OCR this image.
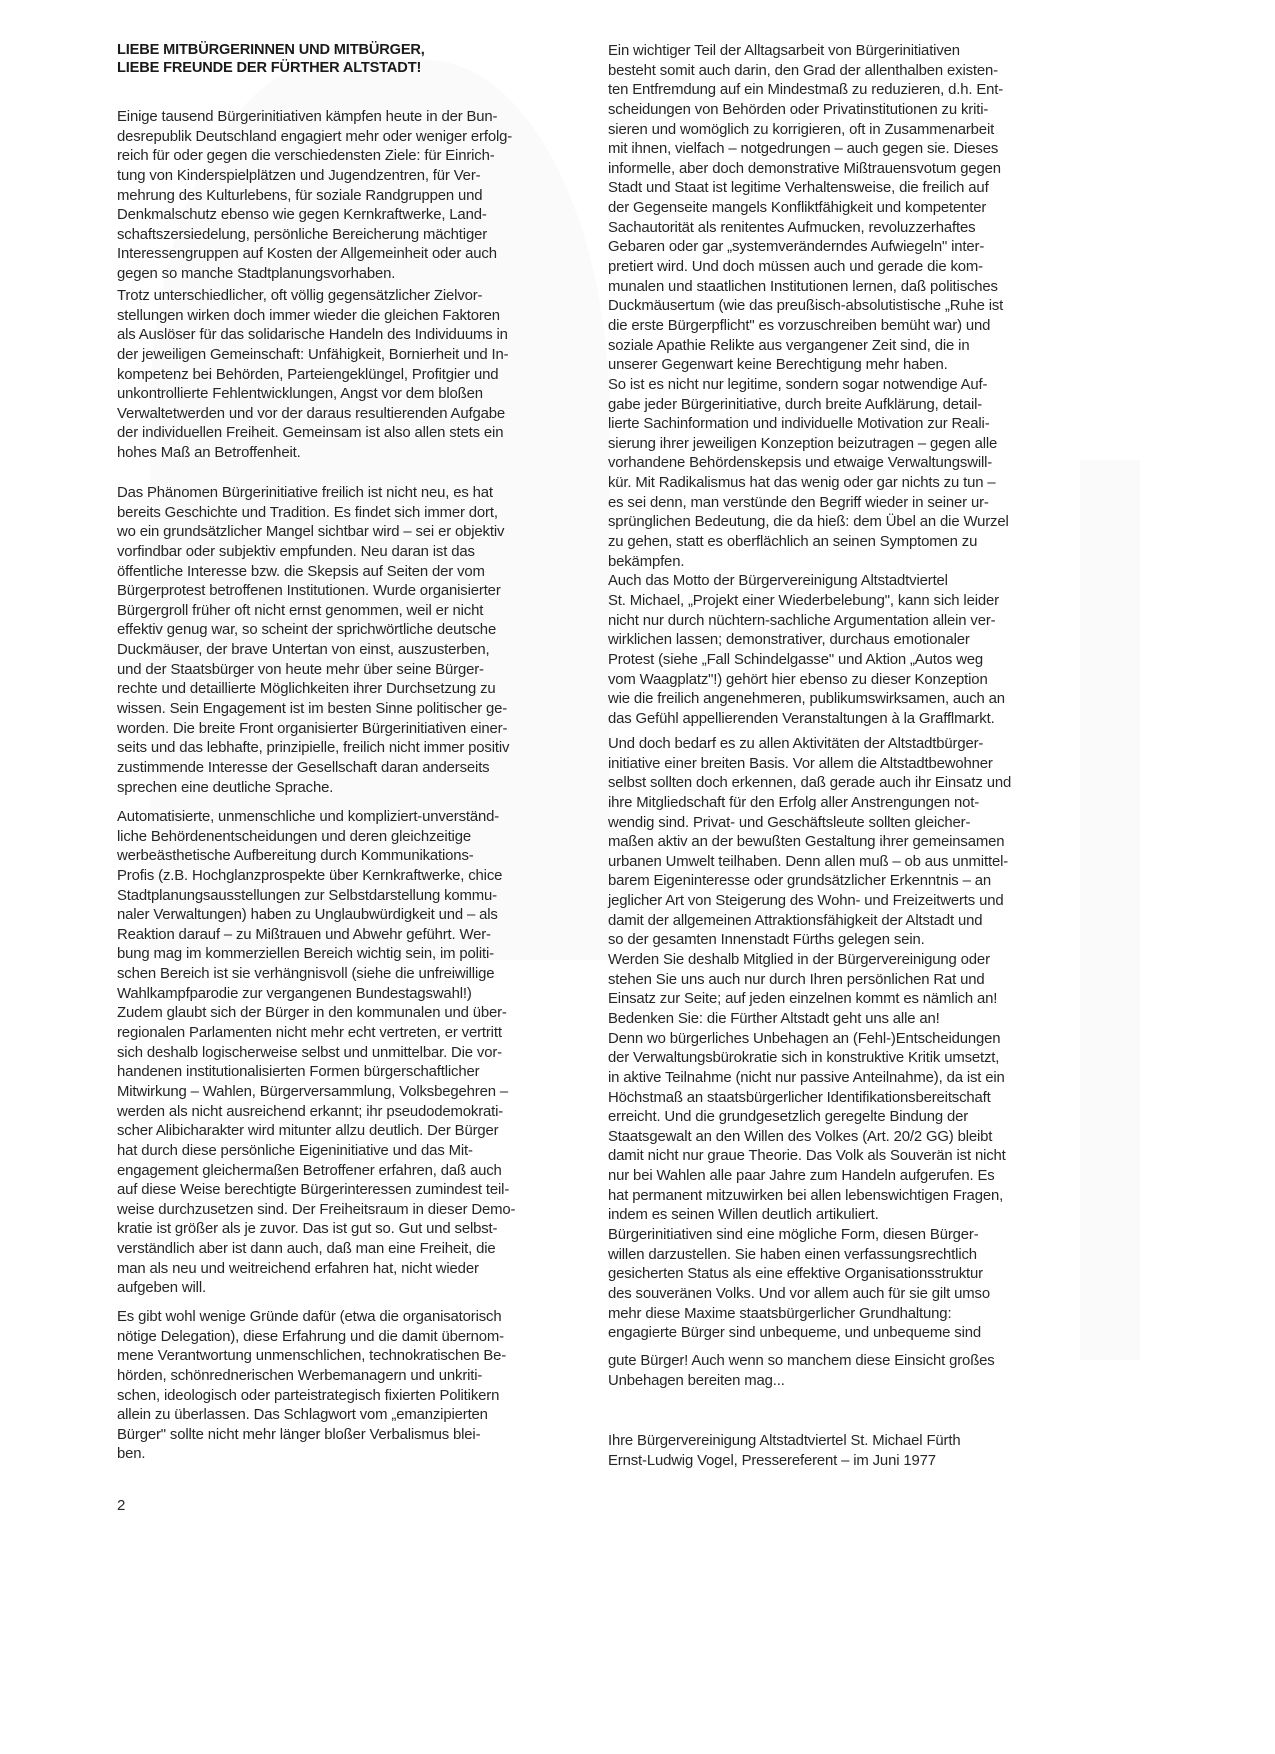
LIEBE MITBÜRGERINNEN UND MITBÜRGER,
LIEBE FREUNDE DER FÜRTHER ALTSTADT!
Einige tausend Bürgerinitiativen kämpfen heute in der Bun-
desrepublik Deutschland engagiert mehr oder weniger erfolg-
reich für oder gegen die verschiedensten Ziele: für Einrich-
tung von Kinderspielplätzen und Jugendzentren, für Ver-
mehrung des Kulturlebens, für soziale Randgruppen und
Denkmalschutz ebenso wie gegen Kernkraftwerke, Land-
schaftszersiedelung, persönliche Bereicherung mächtiger
Interessengruppen auf Kosten der Allgemeinheit oder auch
gegen so manche Stadtplanungsvorhaben.
Trotz unterschiedlicher, oft völlig gegensätzlicher Zielvor-
stellungen wirken doch immer wieder die gleichen Faktoren
als Auslöser für das solidarische Handeln des Individuums in
der jeweiligen Gemeinschaft: Unfähigkeit, Bornierheit und In-
kompetenz bei Behörden, Parteiengeklüngel, Profitgier und
unkontrollierte Fehlentwicklungen, Angst vor dem bloßen
Verwaltetwerden und vor der daraus resultierenden Aufgabe
der individuellen Freiheit. Gemeinsam ist also allen stets ein
hohes Maß an Betroffenheit.
Das Phänomen Bürgerinitiative freilich ist nicht neu, es hat
bereits Geschichte und Tradition. Es findet sich immer dort,
wo ein grundsätzlicher Mangel sichtbar wird – sei er objektiv
vorfindbar oder subjektiv empfunden. Neu daran ist das
öffentliche Interesse bzw. die Skepsis auf Seiten der vom
Bürgerprotest betroffenen Institutionen. Wurde organisierter
Bürgergroll früher oft nicht ernst genommen, weil er nicht
effektiv genug war, so scheint der sprichwörtliche deutsche
Duckmäuser, der brave Untertan von einst, auszusterben,
und der Staatsbürger von heute mehr über seine Bürger-
rechte und detaillierte Möglichkeiten ihrer Durchsetzung zu
wissen. Sein Engagement ist im besten Sinne politischer ge-
worden. Die breite Front organisierter Bürgerinitiativen einer-
seits und das lebhafte, prinzipielle, freilich nicht immer positiv
zustimmende Interesse der Gesellschaft daran anderseits
sprechen eine deutliche Sprache.
Automatisierte, unmenschliche und kompliziert-unverständ-
liche Behördenentscheidungen und deren gleichzeitige
werbeästhetische Aufbereitung durch Kommunikations-
Profis (z.B. Hochglanzprospekte über Kernkraftwerke, chice
Stadtplanungsausstellungen zur Selbstdarstellung kommu-
naler Verwaltungen) haben zu Unglaubwürdigkeit und – als
Reaktion darauf – zu Mißtrauen und Abwehr geführt. Wer-
bung mag im kommerziellen Bereich wichtig sein, im politi-
schen Bereich ist sie verhängnisvoll (siehe die unfreiwillige
Wahlkampfparodie zur vergangenen Bundestagswahl!)
Zudem glaubt sich der Bürger in den kommunalen und über-
regionalen Parlamenten nicht mehr echt vertreten, er vertritt
sich deshalb logischerweise selbst und unmittelbar. Die vor-
handenen institutionalisierten Formen bürgerschaftlicher
Mitwirkung – Wahlen, Bürgerversammlung, Volksbegehren –
werden als nicht ausreichend erkannt; ihr pseudodemokrati-
scher Alibicharakter wird mitunter allzu deutlich. Der Bürger
hat durch diese persönliche Eigeninitiative und das Mit-
engagement gleichermaßen Betroffener erfahren, daß auch
auf diese Weise berechtigte Bürgerinteressen zumindest teil-
weise durchzusetzen sind. Der Freiheitsraum in dieser Demo-
kratie ist größer als je zuvor. Das ist gut so. Gut und selbst-
verständlich aber ist dann auch, daß man eine Freiheit, die
man als neu und weitreichend erfahren hat, nicht wieder
aufgeben will.
Es gibt wohl wenige Gründe dafür (etwa die organisatorisch
nötige Delegation), diese Erfahrung und die damit übernom-
mene Verantwortung unmenschlichen, technokratischen Be-
hörden, schönrednerischen Werbemanagern und unkriti-
schen, ideologisch oder parteistrategisch fixierten Politikern
allein zu überlassen. Das Schlagwort vom „emanzipierten
Bürger" sollte nicht mehr länger bloßer Verbalismus blei-
ben.
Ein wichtiger Teil der Alltagsarbeit von Bürgerinitiativen
besteht somit auch darin, den Grad der allenthalben existen-
ten Entfremdung auf ein Mindestmaß zu reduzieren, d.h. Ent-
scheidungen von Behörden oder Privatinstitutionen zu kriti-
sieren und womöglich zu korrigieren, oft in Zusammenarbeit
mit ihnen, vielfach – notgedrungen – auch gegen sie. Dieses
informelle, aber doch demonstrative Mißtrauensvotum gegen
Stadt und Staat ist legitime Verhaltensweise, die freilich auf
der Gegenseite mangels Konfliktfähigkeit und kompetenter
Sachautorität als renitentes Aufmucken, revoluzzerhaftes
Gebaren oder gar „systemveränderndes Aufwiegeln" inter-
pretiert wird. Und doch müssen auch und gerade die kom-
munalen und staatlichen Institutionen lernen, daß politisches
Duckmäusertum (wie das preußisch-absolutistische „Ruhe ist
die erste Bürgerpflicht" es vorzuschreiben bemüht war) und
soziale Apathie Relikte aus vergangener Zeit sind, die in
unserer Gegenwart keine Berechtigung mehr haben.
So ist es nicht nur legitime, sondern sogar notwendige Auf-
gabe jeder Bürgerinitiative, durch breite Aufklärung, detail-
lierte Sachinformation und individuelle Motivation zur Reali-
sierung ihrer jeweiligen Konzeption beizutragen – gegen alle
vorhandene Behördenskepsis und etwaige Verwaltungswill-
kür. Mit Radikalismus hat das wenig oder gar nichts zu tun –
es sei denn, man verstünde den Begriff wieder in seiner ur-
sprünglichen Bedeutung, die da hieß: dem Übel an die Wurzel
zu gehen, statt es oberflächlich an seinen Symptomen zu
bekämpfen.
Auch das Motto der Bürgervereinigung Altstadtviertel
St. Michael, „Projekt einer Wiederbelebung", kann sich leider
nicht nur durch nüchtern-sachliche Argumentation allein ver-
wirklichen lassen; demonstrativer, durchaus emotionaler
Protest (siehe „Fall Schindelgasse" und Aktion „Autos weg
vom Waagplatz"!) gehört hier ebenso zu dieser Konzeption
wie die freilich angenehmeren, publikumswirksamen, auch an
das Gefühl appellierenden Veranstaltungen à la Grafflmarkt.
Und doch bedarf es zu allen Aktivitäten der Altstadtbürger-
initiative einer breiten Basis. Vor allem die Altstadtbewohner
selbst sollten doch erkennen, daß gerade auch ihr Einsatz und
ihre Mitgliedschaft für den Erfolg aller Anstrengungen not-
wendig sind. Privat- und Geschäftsleute sollten gleicher-
maßen aktiv an der bewußten Gestaltung ihrer gemeinsamen
urbanen Umwelt teilhaben. Denn allen muß – ob aus unmittel-
barem Eigeninteresse oder grundsätzlicher Erkenntnis – an
jeglicher Art von Steigerung des Wohn- und Freizeitwerts und
damit der allgemeinen Attraktionsfähigkeit der Altstadt und
so der gesamten Innenstadt Fürths gelegen sein.
Werden Sie deshalb Mitglied in der Bürgervereinigung oder
stehen Sie uns auch nur durch Ihren persönlichen Rat und
Einsatz zur Seite; auf jeden einzelnen kommt es nämlich an!
Bedenken Sie: die Fürther Altstadt geht uns alle an!
Denn wo bürgerliches Unbehagen an (Fehl-)Entscheidungen
der Verwaltungsbürokratie sich in konstruktive Kritik umsetzt,
in aktive Teilnahme (nicht nur passive Anteilnahme), da ist ein
Höchstmaß an staatsbürgerlicher Identifikationsbereitschaft
erreicht. Und die grundgesetzlich geregelte Bindung der
Staatsgewalt an den Willen des Volkes (Art. 20/2 GG) bleibt
damit nicht nur graue Theorie. Das Volk als Souverän ist nicht
nur bei Wahlen alle paar Jahre zum Handeln aufgerufen. Es
hat permanent mitzuwirken bei allen lebenswichtigen Fragen,
indem es seinen Willen deutlich artikuliert.
Bürgerinitiativen sind eine mögliche Form, diesen Bürger-
willen darzustellen. Sie haben einen verfassungsrechtlich
gesicherten Status als eine effektive Organisationsstruktur
des souveränen Volks. Und vor allem auch für sie gilt umso
mehr diese Maxime staatsbürgerlicher Grundhaltung:
engagierte Bürger sind unbequeme, und unbequeme sind
gute Bürger! Auch wenn so manchem diese Einsicht großes
Unbehagen bereiten mag...
Ihre Bürgervereinigung Altstadtviertel St. Michael Fürth
Ernst-Ludwig Vogel, Pressereferent – im Juni 1977
2
